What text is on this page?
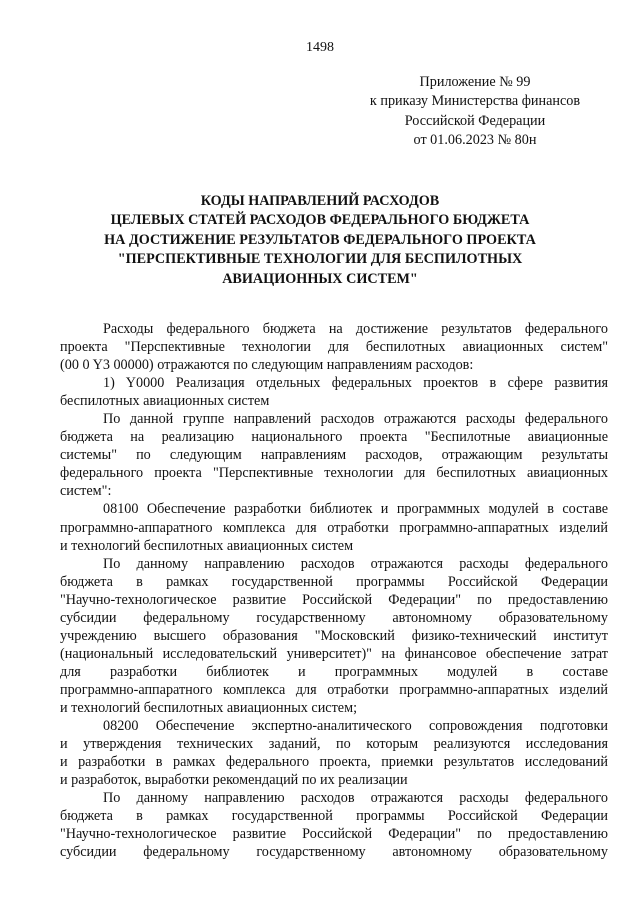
1498
Приложение № 99
к приказу Министерства финансов
Российской Федерации
от 01.06.2023 № 80н
КОДЫ НАПРАВЛЕНИЙ РАСХОДОВ
ЦЕЛЕВЫХ СТАТЕЙ РАСХОДОВ ФЕДЕРАЛЬНОГО БЮДЖЕТА
НА ДОСТИЖЕНИЕ РЕЗУЛЬТАТОВ ФЕДЕРАЛЬНОГО ПРОЕКТА
"ПЕРСПЕКТИВНЫЕ ТЕХНОЛОГИИ ДЛЯ БЕСПИЛОТНЫХ
АВИАЦИОННЫХ СИСТЕМ"

Расходы федерального бюджета на достижение результатов федерального

проекта "Перспективные технологии для беспилотных авиационных систем"

(00 0 Y3 00000) отражаются по следующим направлениям расходов:

1) Y0000 Реализация отдельных федеральных проектов в сфере развития

беспилотных авиационных систем

По данной группе направлений расходов отражаются расходы федерального

бюджета на реализацию национального проекта "Беспилотные авиационные

системы" по следующим направлениям расходов, отражающим результаты

федерального проекта "Перспективные технологии для беспилотных авиационных

систем":

08100 Обеспечение разработки библиотек и программных модулей в составе

программно-аппаратного комплекса для отработки программно-аппаратных изделий

и технологий беспилотных авиационных систем

По данному направлению расходов отражаются расходы федерального

бюджета в рамках государственной программы Российской Федерации

"Научно-технологическое развитие Российской Федерации" по предоставлению

субсидии федеральному государственному автономному образовательному

учреждению высшего образования "Московский физико-технический институт

(национальный исследовательский университет)" на финансовое обеспечение затрат

для разработки библиотек и программных модулей в составе

программно-аппаратного комплекса для отработки программно-аппаратных изделий

и технологий беспилотных авиационных систем;

08200 Обеспечение экспертно-аналитического сопровождения подготовки

и утверждения технических заданий, по которым реализуются исследования

и разработки в рамках федерального проекта, приемки результатов исследований

и разработок, выработки рекомендаций по их реализации

По данному направлению расходов отражаются расходы федерального

бюджета в рамках государственной программы Российской Федерации

"Научно-технологическое развитие Российской Федерации" по предоставлению

субсидии федеральному государственному автономному образовательному
